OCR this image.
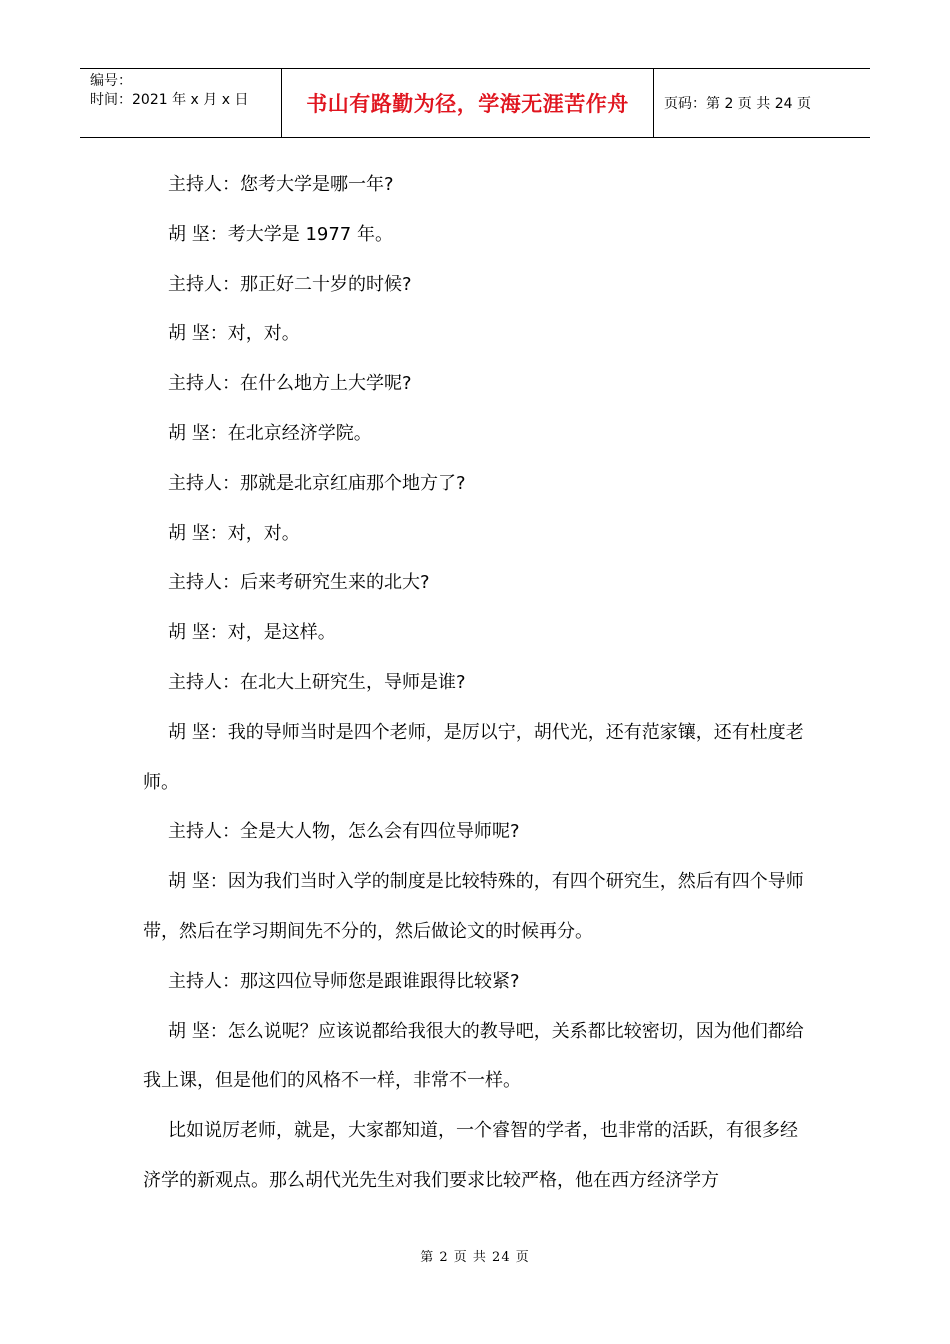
编号：
时间：2021 年 x 月 x 日	书山有路勤为径，学海无涯苦作舟	页码：第 2 页 共 24 页

主持人：您考大学是哪一年?

胡 坚：考大学是 1977 年。

主持人：那正好二十岁的时候?

胡 坚：对，对。

主持人：在什么地方上大学呢?

胡 坚：在北京经济学院。

主持人：那就是北京红庙那个地方了?

胡 坚：对，对。

主持人：后来考研究生来的北大?

胡 坚：对，是这样。

主持人：在北大上研究生，导师是谁?

胡 坚：我的导师当时是四个老师，是厉以宁，胡代光，还有范家镶，还有杜度老师。

主持人：全是大人物，怎么会有四位导师呢?

胡 坚：因为我们当时入学的制度是比较特殊的，有四个研究生，然后有四个导师带，然后在学习期间先不分的，然后做论文的时候再分。

主持人：那这四位导师您是跟谁跟得比较紧?

胡 坚：怎么说呢？应该说都给我很大的教导吧，关系都比较密切，因为他们都给我上课，但是他们的风格不一样，非常不一样。

比如说厉老师，就是，大家都知道，一个睿智的学者，也非常的活跃，有很多经济学的新观点。那么胡代光先生对我们要求比较严格，他在西方经济学方

第 2 页 共 24 页
